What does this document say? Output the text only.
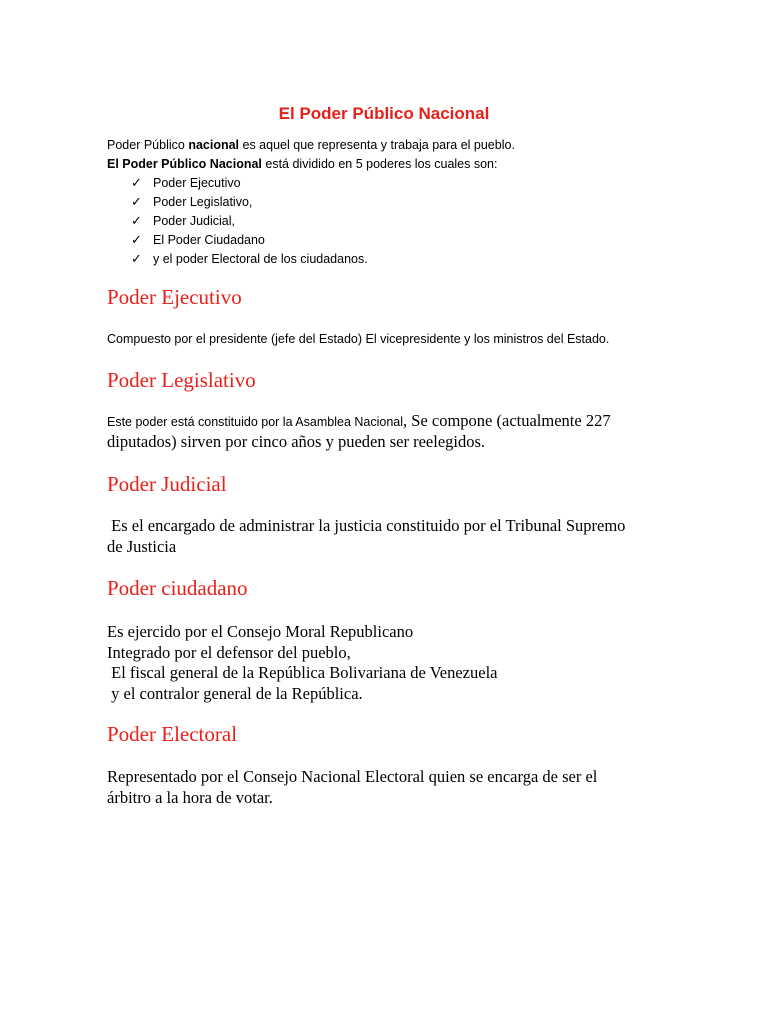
El Poder Público Nacional

Poder Público nacional es aquel que representa y trabaja para el pueblo.

El Poder Público Nacional está dividido en 5 poderes los cuales son:

✓ Poder Ejecutivo
✓ Poder Legislativo,
✓ Poder Judicial,
✓ El Poder Ciudadano
✓ y el poder Electoral de los ciudadanos.
Poder Ejecutivo

Compuesto por el presidente (jefe del Estado) El vicepresidente y los ministros del Estado.

Poder Legislativo
Este poder está constituido por la Asamblea Nacional, Se compone (actualmente 227
diputados) sirven por cinco años y pueden ser reelegidos.
Poder Judicial
Es el encargado de administrar la justicia constituido por el Tribunal Supremo
de Justicia
Poder ciudadano
Es ejercido por el Consejo Moral Republicano
Integrado por el defensor del pueblo,
El fiscal general de la República Bolivariana de Venezuela
y el contralor general de la República.
Poder Electoral
Representado por el Consejo Nacional Electoral quien se encarga de ser el
árbitro a la hora de votar.
